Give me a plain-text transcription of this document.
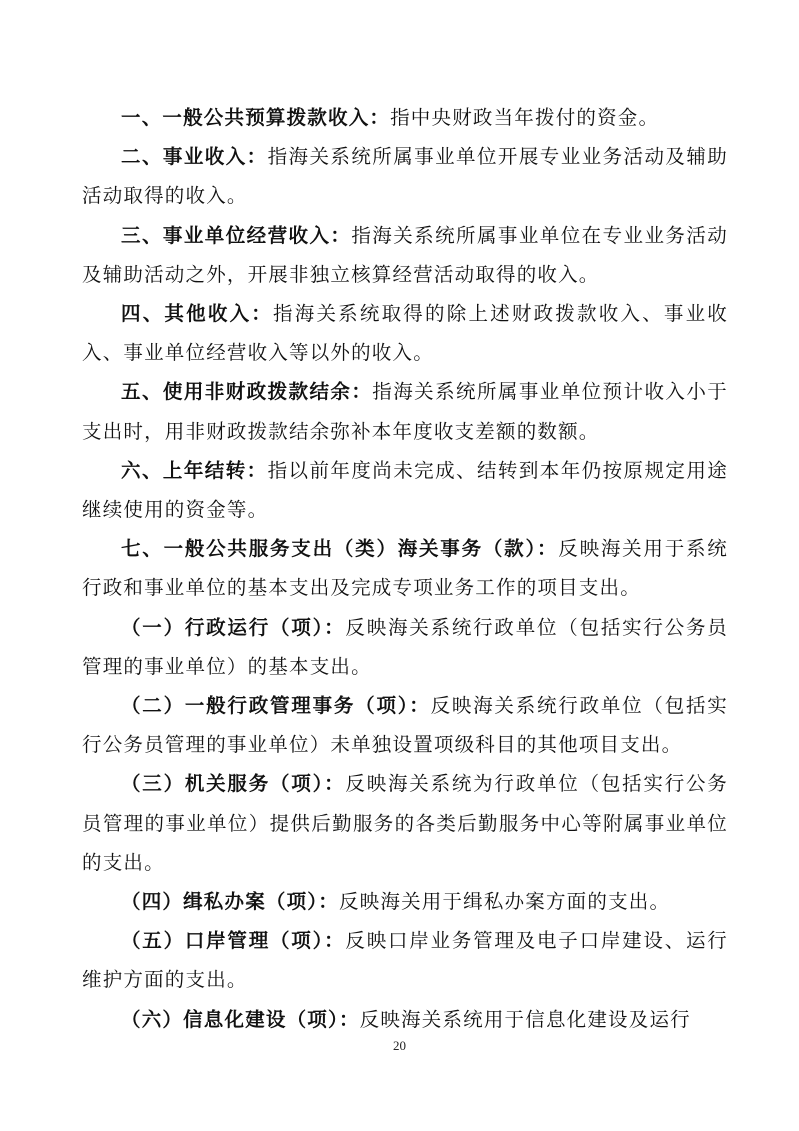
一、一般公共预算拨款收入：指中央财政当年拨付的资金。

二、事业收入：指海关系统所属事业单位开展专业业务活动及辅助活动取得的收入。

三、事业单位经营收入：指海关系统所属事业单位在专业业务活动及辅助活动之外，开展非独立核算经营活动取得的收入。

四、其他收入：指海关系统取得的除上述财政拨款收入、事业收入、事业单位经营收入等以外的收入。

五、使用非财政拨款结余：指海关系统所属事业单位预计收入小于支出时，用非财政拨款结余弥补本年度收支差额的数额。

六、上年结转：指以前年度尚未完成、结转到本年仍按原规定用途继续使用的资金等。

七、一般公共服务支出（类）海关事务（款）：反映海关用于系统行政和事业单位的基本支出及完成专项业务工作的项目支出。

（一）行政运行（项）：反映海关系统行政单位（包括实行公务员管理的事业单位）的基本支出。

（二）一般行政管理事务（项）：反映海关系统行政单位（包括实行公务员管理的事业单位）未单独设置项级科目的其他项目支出。

（三）机关服务（项）：反映海关系统为行政单位（包括实行公务员管理的事业单位）提供后勤服务的各类后勤服务中心等附属事业单位的支出。

（四）缉私办案（项）：反映海关用于缉私办案方面的支出。

（五）口岸管理（项）：反映口岸业务管理及电子口岸建设、运行维护方面的支出。

（六）信息化建设（项）：反映海关系统用于信息化建设及运行

20
